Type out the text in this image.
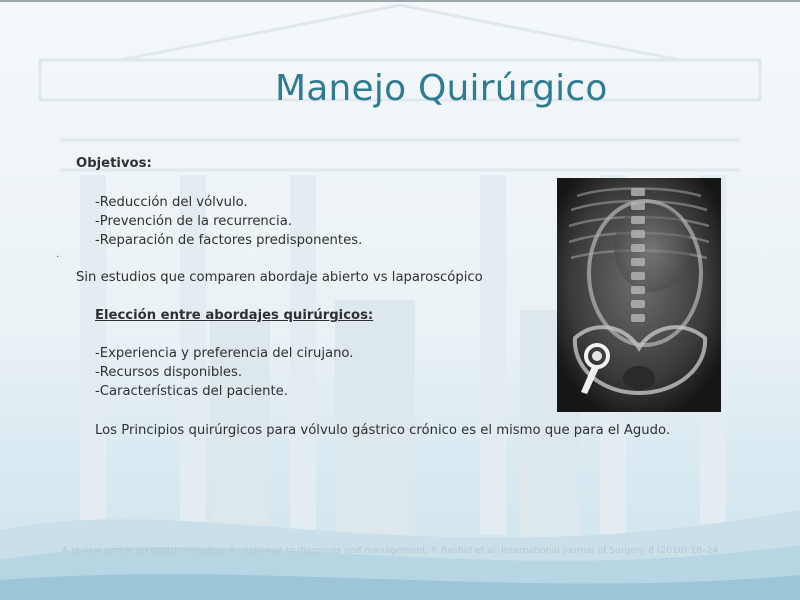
Manejo Quirúrgico
Objetivos:
-Reducción del vólvulo.
-Prevención de la recurrencia.
-Reparación de factores predisponentes.
·
Sin estudios que comparen abordaje abierto vs laparoscópico
Elección entre abordajes quirúrgicos:
-Experiencia y preferencia del cirujano.
-Recursos disponibles.
-Características del paciente.
Los Principios quirúrgicos para vólvulo gástrico crónico es el mismo que para el Agudo.
A review article on gastric volvulus: A challenge to diagnosis and management, F. Rashid et al. International Journal of Surgery 8 (2010) 18–24
